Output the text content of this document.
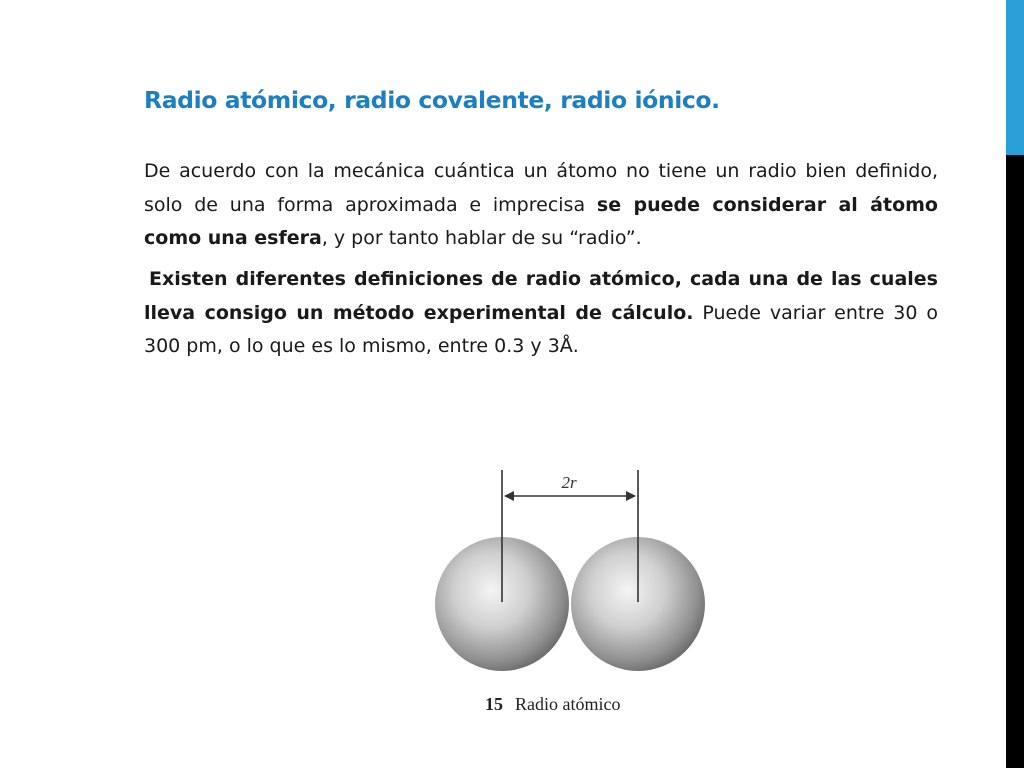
Radio atómico, radio covalente, radio iónico.

De acuerdo con la mecánica cuántica un átomo no tiene un radio bien definido, solo de una forma aproximada e imprecisa se puede considerar al átomo como una esfera, y por tanto hablar de su “radio”.

Existen diferentes definiciones de radio atómico, cada una de las cuales lleva consigo un método experimental de cálculo. Puede variar entre 30 o 300 pm, o lo que es lo mismo, entre 0.3 y 3Å.

2r
15 Radio atómico
